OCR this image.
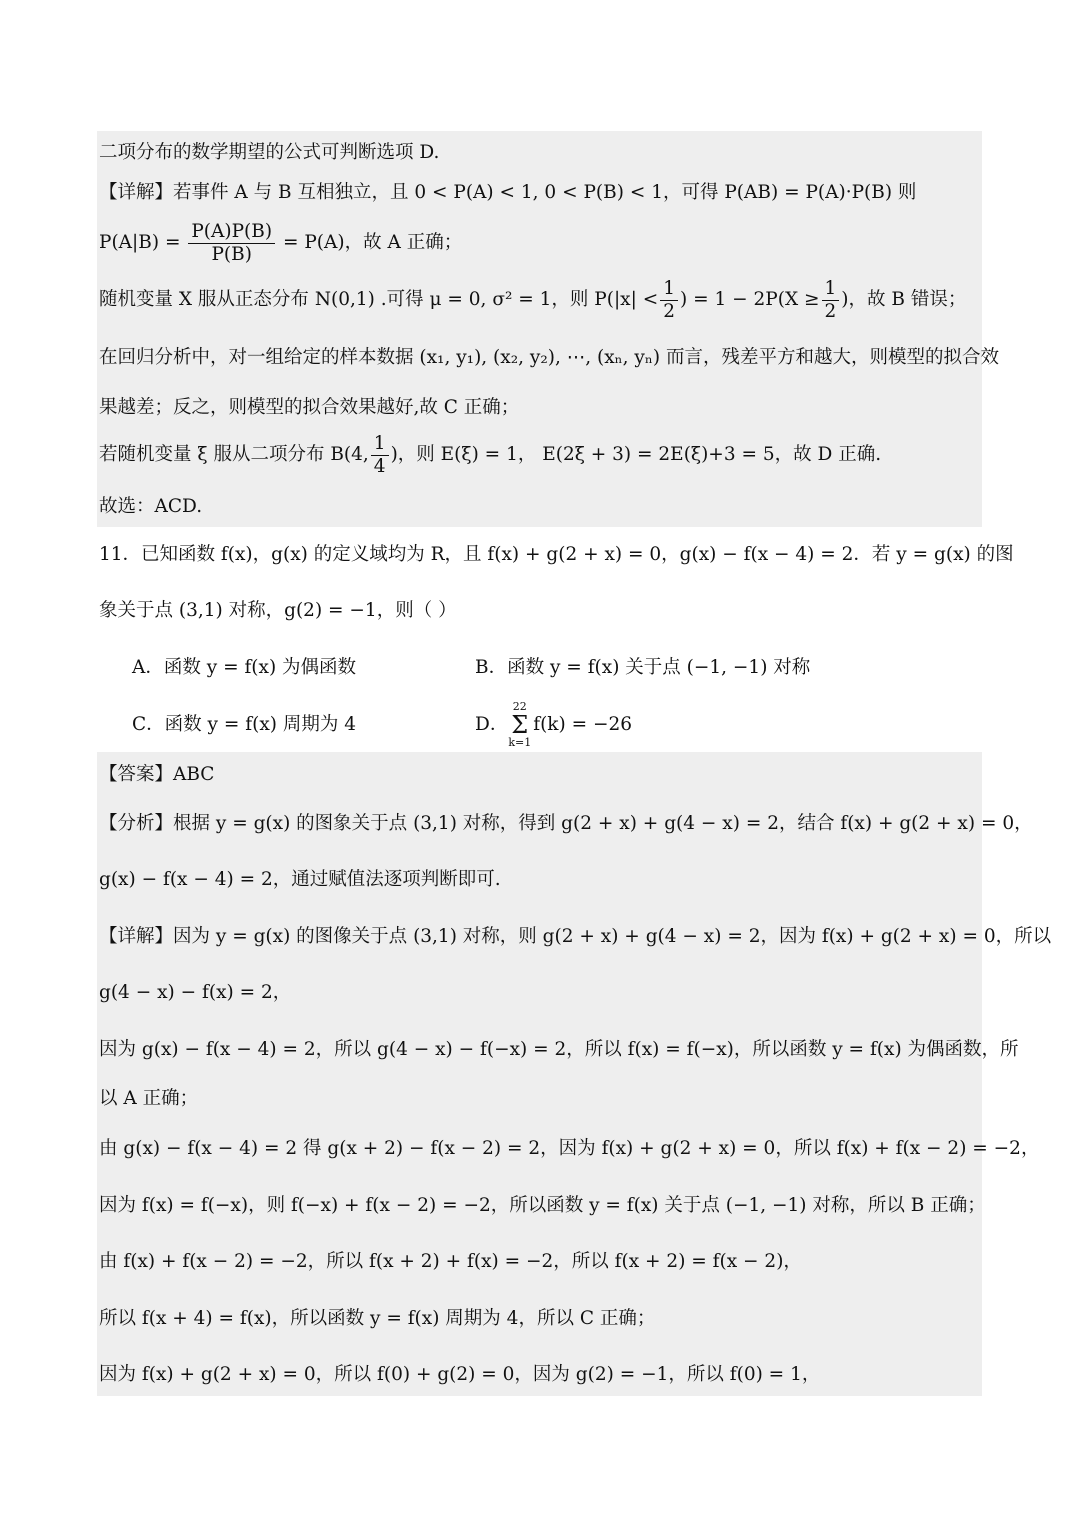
二项分布的数学期望的公式可判断选项 D.
【详解】若事件 A 与 B 互相独立，且 0 < P(A) < 1, 0 < P(B) < 1，可得 P(AB) = P(A)·P(B) 则
$P(A|B) = \frac{P(A)P(B)}{P(B)} = P(A)$，故 A 正确；
随机变量 X 服从正态分布 N(0,1) .可得 μ = 0, σ² = 1，则 $P(|x| < \frac{1}{2}$ ) = $1 - 2P(X \ge \frac{1}{2}$ )，故 B 错误；
在回归分析中，对一组给定的样本数据 (x₁, y₁), (x₂, y₂), ⋯, (xₙ, yₙ) 而言，残差平方和越大，则模型的拟合效
果越差；反之，则模型的拟合效果越好,故 C 正确；
若随机变量 ξ 服从二项分布 B(4, $\frac{1}{4}$ )，则 E(ξ) = 1， E(2ξ + 3) = 2E(ξ)+3 = 5，故 D 正确.
故选：ACD.
11．已知函数 f(x)，g(x) 的定义域均为 R，且 f(x) + g(2 + x) = 0，g(x) − f(x − 4) = 2．若 y = g(x) 的图
象关于点 (3,1) 对称，g(2) = −1，则（ ）
A．函数 y = f(x) 为偶函数	B．函数 y = f(x) 关于点 (−1, −1) 对称
C．函数 y = f(x) 周期为 4	D．22
Σ
k=1f(k) = −26
【答案】ABC
【分析】根据 y = g(x) 的图象关于点 (3,1) 对称，得到 g(2 + x) + g(4 − x) = 2，结合 f(x) + g(2 + x) = 0，
g(x) − f(x − 4) = 2，通过赋值法逐项判断即可.
【详解】因为 y = g(x) 的图像关于点 (3,1) 对称，则 g(2 + x) + g(4 − x) = 2，因为 f(x) + g(2 + x) = 0，所以
g(4 − x) − f(x) = 2，
因为 g(x) − f(x − 4) = 2，所以 g(4 − x) − f(−x) = 2，所以 f(x) = f(−x)，所以函数 y = f(x) 为偶函数，所
以 A 正确；
由 g(x) − f(x − 4) = 2 得 g(x + 2) − f(x − 2) = 2，因为 f(x) + g(2 + x) = 0，所以 f(x) + f(x − 2) = −2，
因为 f(x) = f(−x)，则 f(−x) + f(x − 2) = −2，所以函数 y = f(x) 关于点 (−1, −1) 对称，所以 B 正确；
由 f(x) + f(x − 2) = −2，所以 f(x + 2) + f(x) = −2，所以 f(x + 2) = f(x − 2)，
所以 f(x + 4) = f(x)，所以函数 y = f(x) 周期为 4，所以 C 正确；
因为 f(x) + g(2 + x) = 0，所以 f(0) + g(2) = 0，因为 g(2) = −1，所以 f(0) = 1，
